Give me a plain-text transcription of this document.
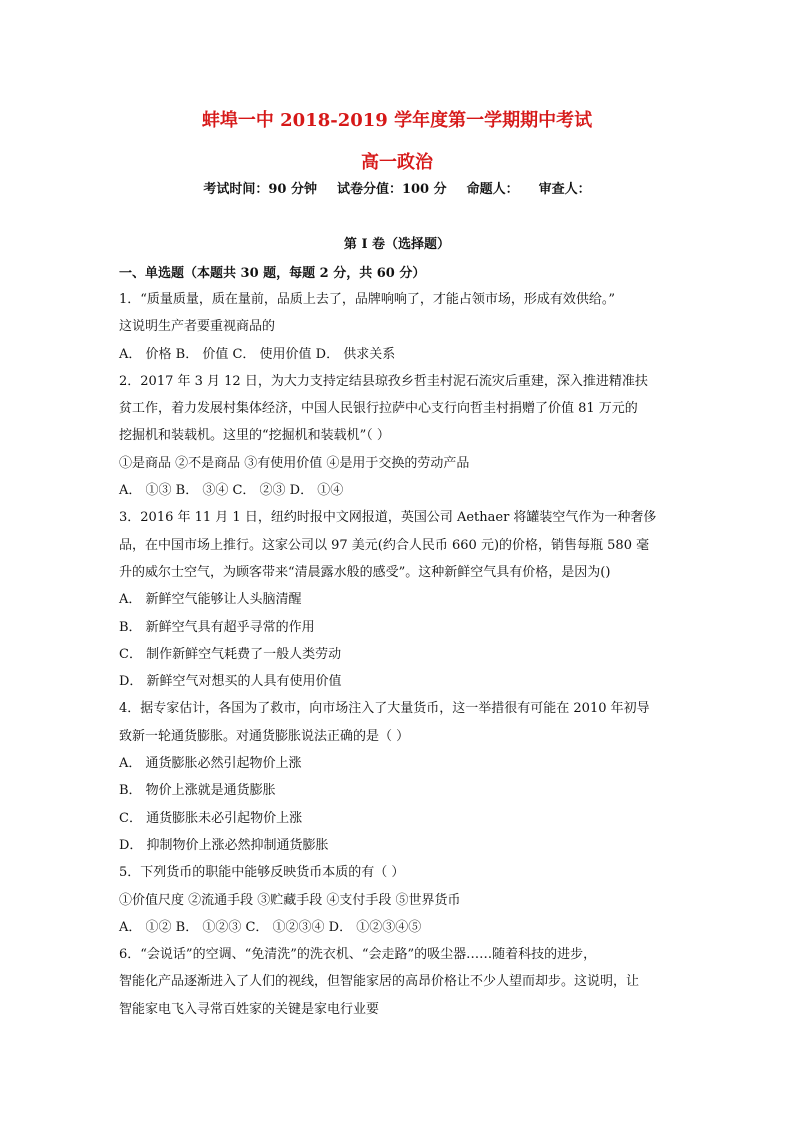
蚌埠一中 2018-2019 学年度第一学期期中考试
高一政治
考试时间：90 分钟 试卷分值：100 分 命题人： 审查人：
第 I 卷（选择题）
一、单选题（本题共 30 题，每题 2 分，共 60 分）
1．“质量质量，质在量前，品质上去了，品牌响响了，才能占领市场，形成有效供给。”
这说明生产者要重视商品的
A． 价格 B． 价值 C． 使用价值 D． 供求关系
2．2017 年 3 月 12 日，为大力支持定结县琼孜乡哲圭村泥石流灾后重建，深入推进精准扶
贫工作，着力发展村集体经济，中国人民银行拉萨中心支行向哲圭村捐赠了价值 81 万元的
挖掘机和装载机。这里的“挖掘机和装载机”（ ）
①是商品 ②不是商品 ③有使用价值 ④是用于交换的劳动产品
A． ①③ B． ③④ C． ②③ D． ①④
3．2016 年 11 月 1 日，纽约时报中文网报道，英国公司 Aethaer 将罐装空气作为一种奢侈
品，在中国市场上推行。这家公司以 97 美元(约合人民币 660 元)的价格，销售每瓶 580 毫
升的威尔士空气，为顾客带来“清晨露水般的感受”。这种新鲜空气具有价格，是因为()
A． 新鲜空气能够让人头脑清醒
B． 新鲜空气具有超乎寻常的作用
C． 制作新鲜空气耗费了一般人类劳动
D． 新鲜空气对想买的人具有使用价值
4．据专家估计，各国为了救市，向市场注入了大量货币，这一举措很有可能在 2010 年初导
致新一轮通货膨胀。对通货膨胀说法正确的是（ ）
A． 通货膨胀必然引起物价上涨
B． 物价上涨就是通货膨胀
C． 通货膨胀未必引起物价上涨
D． 抑制物价上涨必然抑制通货膨胀
5．下列货币的职能中能够反映货币本质的有（ ）
①价值尺度 ②流通手段 ③贮藏手段 ④支付手段 ⑤世界货币
A． ①② B． ①②③ C． ①②③④ D． ①②③④⑤
6．“会说话”的空调、“免清洗”的洗衣机、“会走路”的吸尘器……随着科技的进步，
智能化产品逐渐进入了人们的视线，但智能家居的高昂价格让不少人望而却步。这说明，让
智能家电飞入寻常百姓家的关键是家电行业要
